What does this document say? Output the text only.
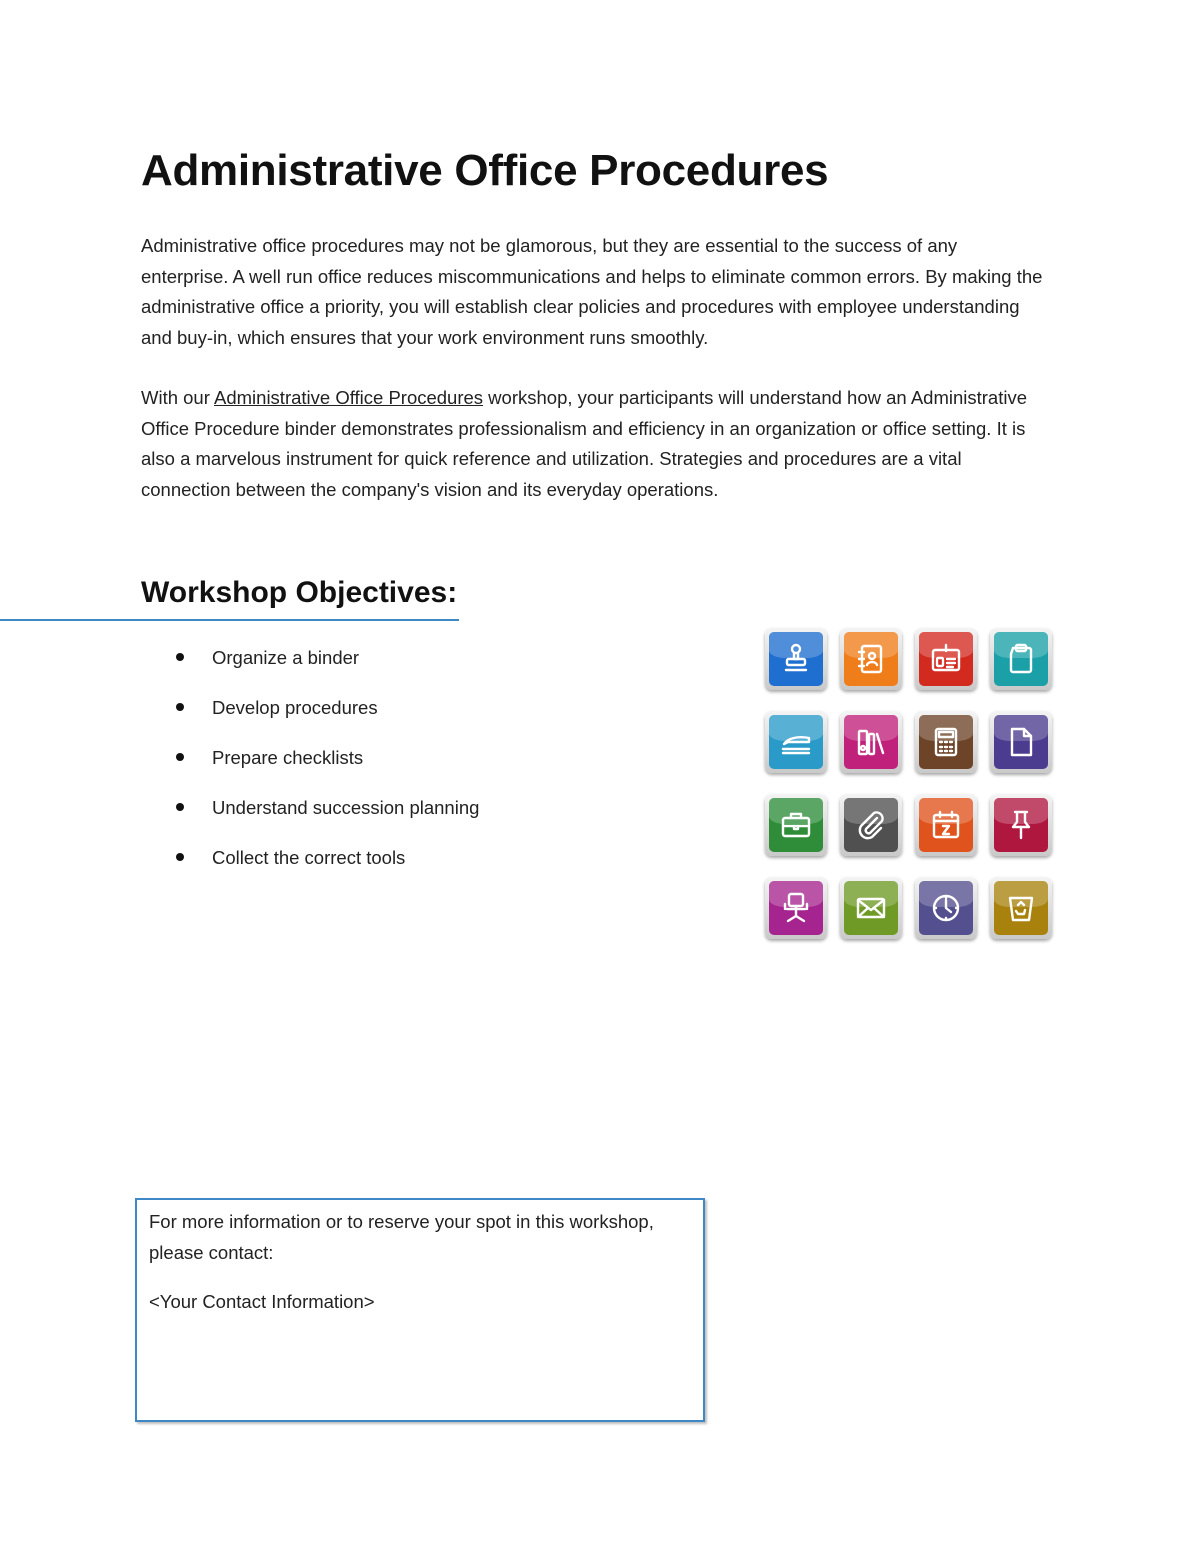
Administrative Office Procedures

Administrative office procedures may not be glamorous, but they are essential to the success of any enterprise. A well run office reduces miscommunications and helps to eliminate common errors. By making the administrative office a priority, you will establish clear policies and procedures with employee understanding and buy-in, which ensures that your work environment runs smoothly.

With our Administrative Office Procedures workshop, your participants will understand how an Administrative Office Procedure binder demonstrates professionalism and efficiency in an organization or office setting. It is also a marvelous instrument for quick reference and utilization. Strategies and procedures are a vital connection between the company's vision and its everyday operations.

Workshop Objectives:
Organize a binder
Develop procedures
Prepare checklists
Understand succession planning
Collect the correct tools

For more information or to reserve your spot in this workshop, please contact:

<Your Contact Information>
